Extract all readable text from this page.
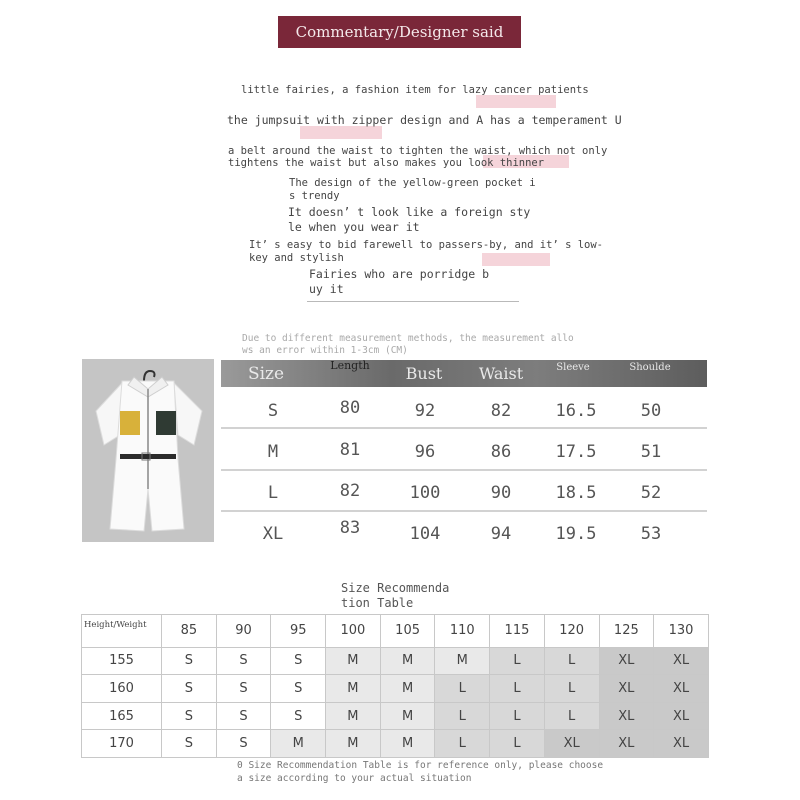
Commentary/Designer said
little fairies, a fashion item for lazy cancer patients
the jumpsuit with zipper design and A has a temperament U
a belt around the waist to tighten the waist, which not only
tightens the waist but also makes you look thinner
The design of the yellow-green pocket i
s trendy
It doesn’ t look like a foreign sty
le when you wear it
It’ s easy to bid farewell to passers-by, and it’ s low-
key and stylish
Fairies who are porridge b
uy it
Due to different measurement methods, the measurement allo
ws an error within 1-3cm (CM)
Size	Length	Bust	Waist	Sleeve	Shoulde
S	80	92	82	16.5	50
M	81	96	86	17.5	51
L	82	100	90	18.5	52
XL	83	104	94	19.5	53
Size Recommenda
tion Table
Height/Weight	85	90	95	100	105	110	115	120	125	130
155	S	S	S	M	M	M	L	L	XL	XL
160	S	S	S	M	M	L	L	L	XL	XL
165	S	S	S	M	M	L	L	L	XL	XL
170	S	S	M	M	M	L	L	XL	XL	XL
0 Size Recommendation Table is for reference only, please choose
a size according to your actual situation
